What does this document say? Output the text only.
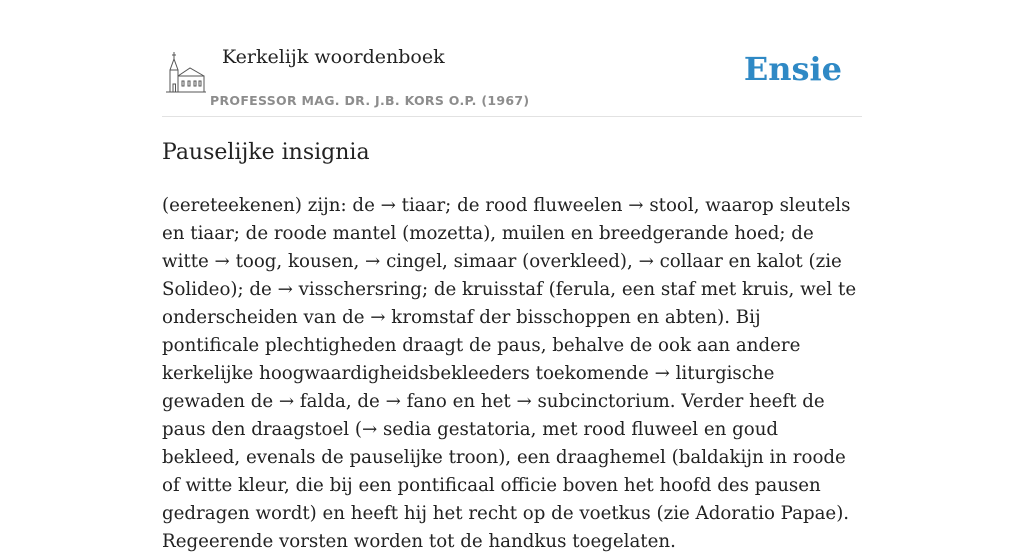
Kerkelijk woordenboek
PROFESSOR MAG. DR. J.B. KORS O.P. (1967)
Ensie
Pauselijke insignia

(eereteekenen) zijn: de → tiaar; de rood fluweelen → stool, waarop sleutels en tiaar; de roode mantel (mozetta), muilen en breedgerande hoed; de witte → toog, kousen, → cingel, simaar (overkleed), → collaar en kalot (zie Solideo); de → visschersring; de kruisstaf (ferula, een staf met kruis, wel te onderscheiden van de → kromstaf der bisschoppen en abten). Bij pontificale plechtigheden draagt de paus, behalve de ook aan andere kerkelijke hoogwaardigheidsbekleeders toekomende → liturgische gewaden de → falda, de → fano en het → subcinctorium. Verder heeft de paus den draagstoel (→ sedia gestatoria, met rood fluweel en goud bekleed, evenals de pauselijke troon), een draaghemel (baldakijn in roode of witte kleur, die bij een pontificaal officie boven het hoofd des pausen gedragen wordt) en heeft hij het recht op de voetkus (zie Adoratio Papae). Regeerende vorsten worden tot de handkus toegelaten.
